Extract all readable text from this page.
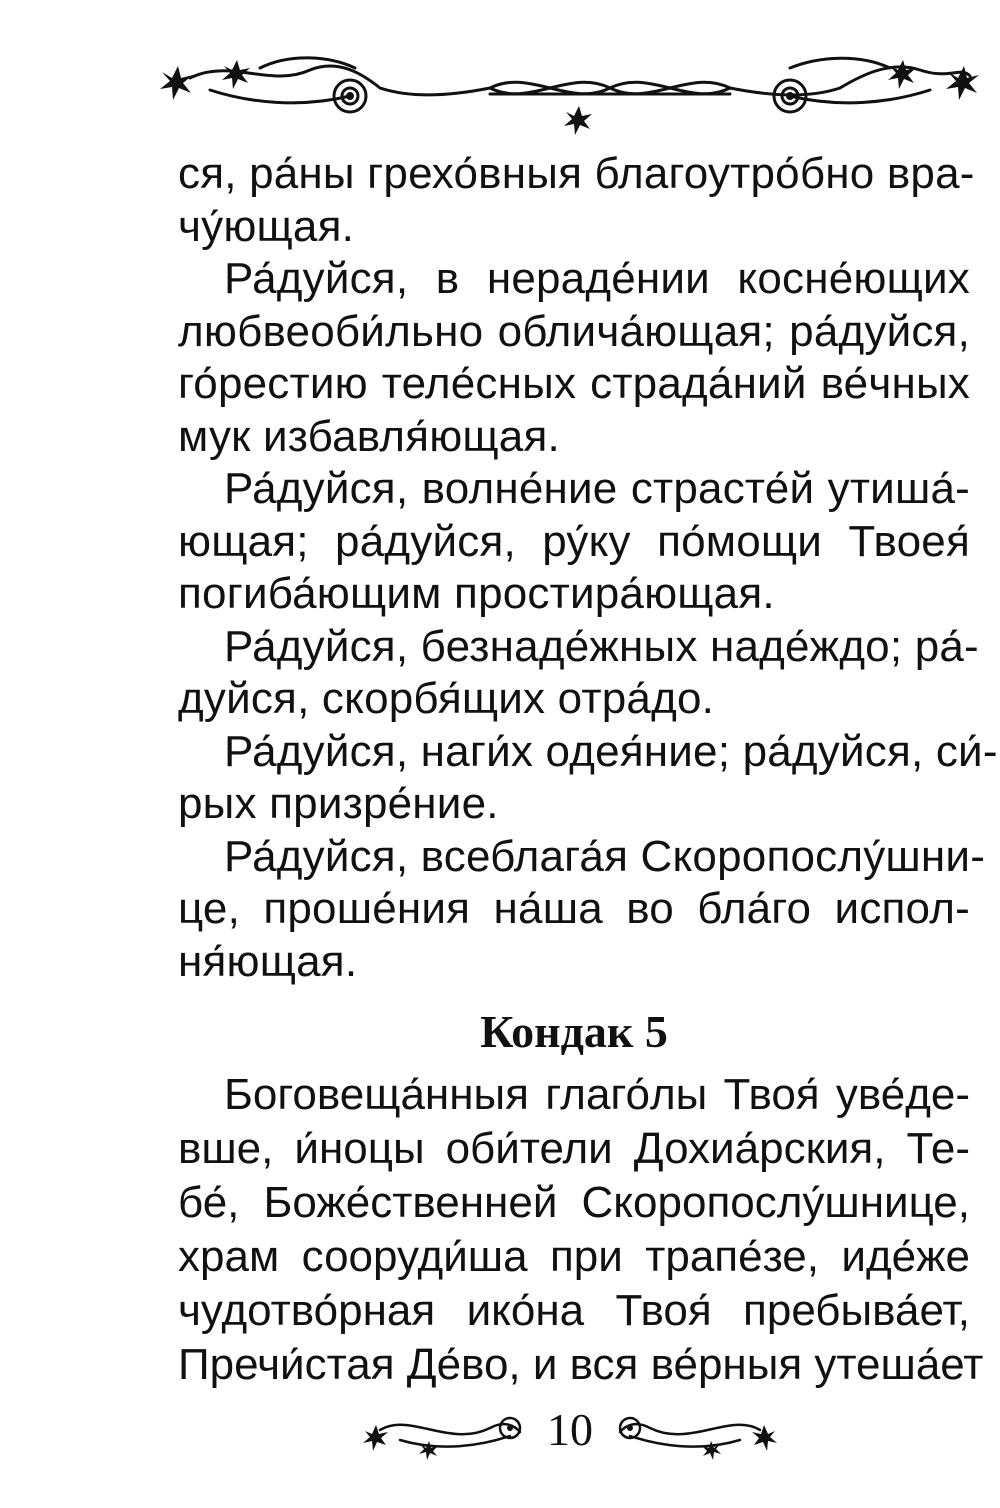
ся, ра́ны грехо́вныя благоутро́бно вра-
чу́ющая.

Ра́дуйся, в нераде́нии косне́ющих
любвеоби́льно облича́ющая; ра́дуйся,
го́рестию теле́сных страда́ний ве́чных
мук избавля́ющая.

Ра́дуйся, волне́ние страсте́й утиша́-
ющая; ра́дуйся, ру́ку по́мощи Твоея́
погиба́ющим простира́ющая.

Ра́дуйся, безнаде́жных наде́ждо; ра́-
дуйся, скорбя́щих отра́до.

Ра́дуйся, наги́х одея́ние; ра́дуйся, си́-
рых призре́ние.

Ра́дуйся, всеблага́я Скоропослу́шни-
це, проше́ния на́ша во бла́го испол-
ня́ющая.

Кондак 5

Боговеща́нныя глаго́лы Твоя́ уве́де-
вше, и́ноцы оби́тели Дохиа́рския, Те-
бе́, Боже́ственней Скоропослу́шнице,
храм сооруди́ша при трапе́зе, иде́же
чудотво́рная ико́на Твоя́ пребыва́ет,
Пречи́стая Де́во, и вся ве́рныя утеша́ет

10
